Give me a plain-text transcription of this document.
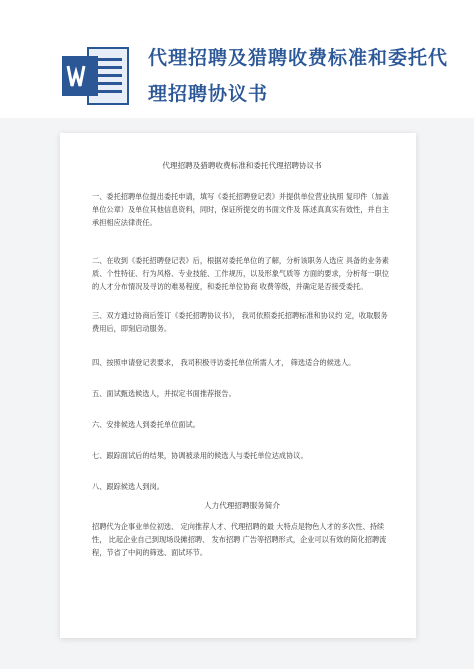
代理招聘及猎聘收费标准和委托代理招聘协议书

代理招聘及猎聘收费标准和委托代理招聘协议书

一、委托招聘单位提出委托申请，填写《委托招聘登记表》并提供单位营业执照 复印件（加盖单位公章）及单位其他信息资料，同时，保证所提交的书面文件及 陈述真真实有效性，并自主承担相应法律责任。

二、在收到《委托招聘登记表》后，根据对委托单位的了解，分析该职务人选应 具备的业务素质、个性特征、行为风格、专业技能、工作规历，以及形象气质等 方面的要求，分析每一职位的人才分布情况及寻访的难易程度，和委托单位协商 收费等级，并确定是否接受委托。

三、双方通过协商后签订《委托招聘协议书》， 我司依照委托招聘标准和协议约 定，收取服务费用后，即刻启动服务。

四、按照申请登记表要求， 我司积极寻访委托单位所需人才， 筛选适合的候选人。

五、面试甄选候选人，并拟定书面推荐报告。

六、安排候选人到委托单位面试。

七、跟踪面试后的结果，协调被录用的候选人与委托单位达成协议。

八、跟踪候选人到岗。

人力代理招聘服务简介

招聘代为企事业单位初选、 定向推荐人才、代理招聘的最 大特点是物色人才的多次性、持续性， 比起企业自己到现场设摊招聘、 发布招聘 广告等招聘形式，企业可以有效的简化招聘流程，节省了中间的筛选、面试环节。
